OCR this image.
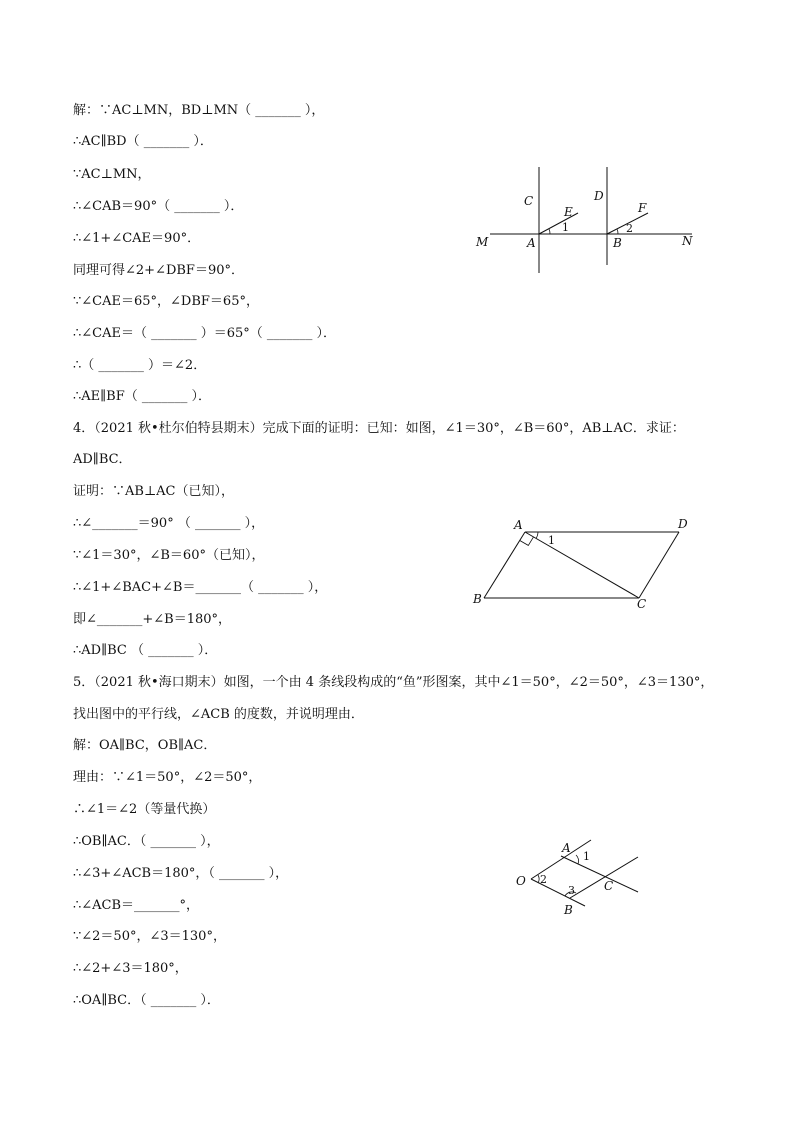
解：∵AC⊥MN，BD⊥MN（ _______ ），
∴AC∥BD（ _______ ）．
∵AC⊥MN，
∴∠CAB＝90°（ _______ ）．
∴∠1+∠CAE＝90°．
同理可得∠2+∠DBF＝90°．
∵∠CAE＝65°，∠DBF＝65°，
∴∠CAE＝（ _______ ）＝65°（ _______ ）．
∴（ _______ ）＝∠2．
∴AE∥BF（ _______ ）．
C	D
E	F
M	A
1
B
2
N
4．（2021 秋•杜尔伯特县期末）完成下面的证明：已知：如图，∠1＝30°，∠B＝60°，AB⊥AC．求证：
AD∥BC．
证明：∵AB⊥AC（已知），
∴∠_______＝90° （ _______ ），
∵∠1＝30°，∠B＝60°（已知），
∴∠1+∠BAC+∠B＝_______（ _______ ），
即∠_______+∠B＝180°，
∴AD∥BC （ _______ ）．
A	D
1
B	C
5．（2021 秋•海口期末）如图，一个由 4 条线段构成的“鱼”形图案，其中∠1＝50°，∠2＝50°，∠3＝130°，
找出图中的平行线，∠ACB 的度数，并说明理由．
解：OA∥BC，OB∥AC．
理由：∵∠1＝50°，∠2＝50°，
∴∠1＝∠2（等量代换）
∴OB∥AC．（ _______ ），
∴∠3+∠ACB＝180°，（ _______ ），
∴∠ACB＝_______°，
∵∠2＝50°，∠3＝130°，
∴∠2+∠3＝180°，
∴OA∥BC．（ _______ ）．
A
1
O 2
3 C
B
